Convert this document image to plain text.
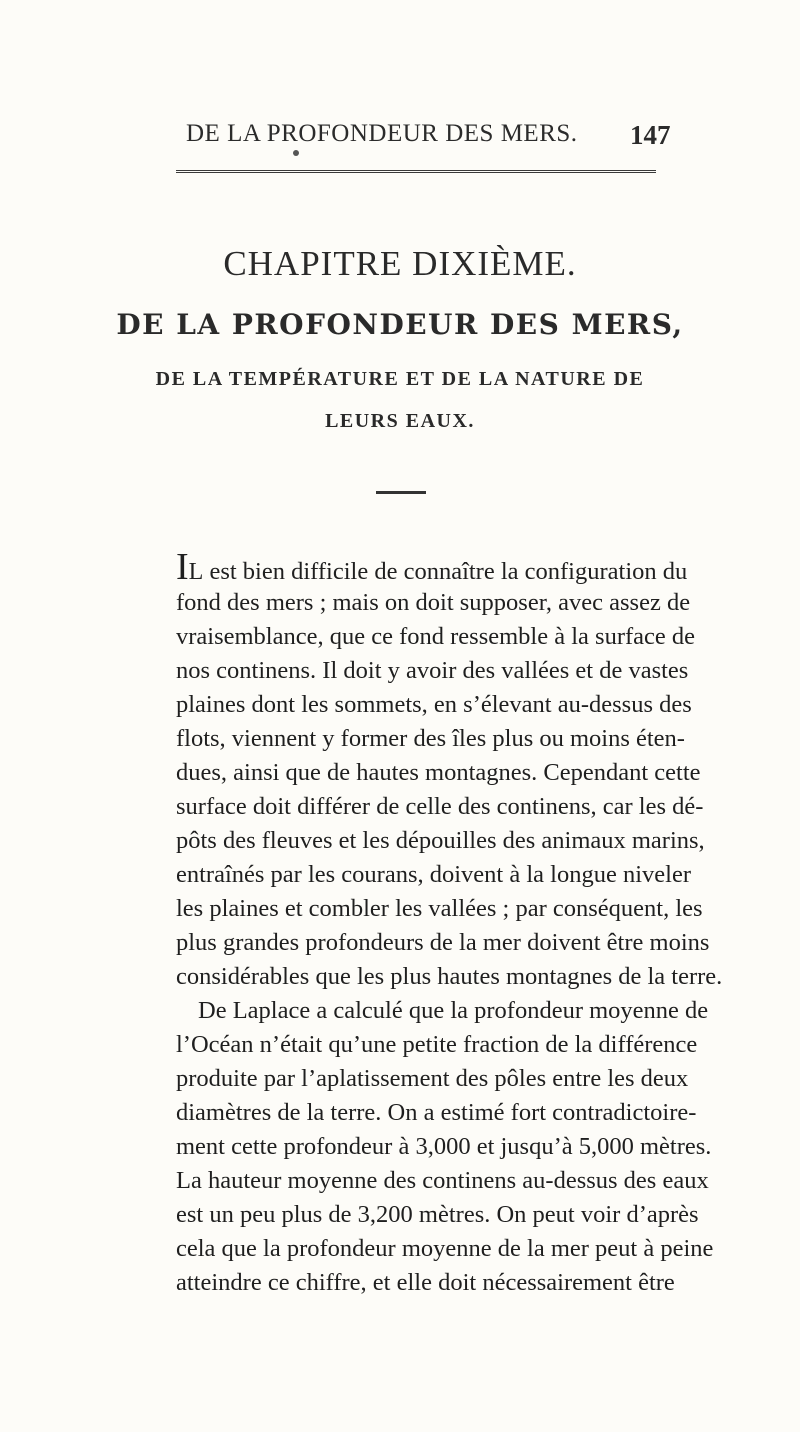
DE LA PROFONDEUR DES MERS. 147
CHAPITRE DIXIÈME.
DE LA PROFONDEUR DES MERS,
DE LA TEMPÉRATURE ET DE LA NATURE DE
LEURS EAUX.
IL est bien difficile de connaître la configuration du
fond des mers ; mais on doit supposer, avec assez de
vraisemblance, que ce fond ressemble à la surface de
nos continens. Il doit y avoir des vallées et de vastes
plaines dont les sommets, en s’élevant au-dessus des
flots, viennent y former des îles plus ou moins éten-
dues, ainsi que de hautes montagnes. Cependant cette
surface doit différer de celle des continens, car les dé-
pôts des fleuves et les dépouilles des animaux marins,
entraînés par les courans, doivent à la longue niveler
les plaines et combler les vallées ; par conséquent, les
plus grandes profondeurs de la mer doivent être moins
considérables que les plus hautes montagnes de la terre.
De Laplace a calculé que la profondeur moyenne de
l’Océan n’était qu’une petite fraction de la différence
produite par l’aplatissement des pôles entre les deux
diamètres de la terre. On a estimé fort contradictoire-
ment cette profondeur à 3,000 et jusqu’à 5,000 mètres.
La hauteur moyenne des continens au-dessus des eaux
est un peu plus de 3,200 mètres. On peut voir d’après
cela que la profondeur moyenne de la mer peut à peine
atteindre ce chiffre, et elle doit nécessairement être
